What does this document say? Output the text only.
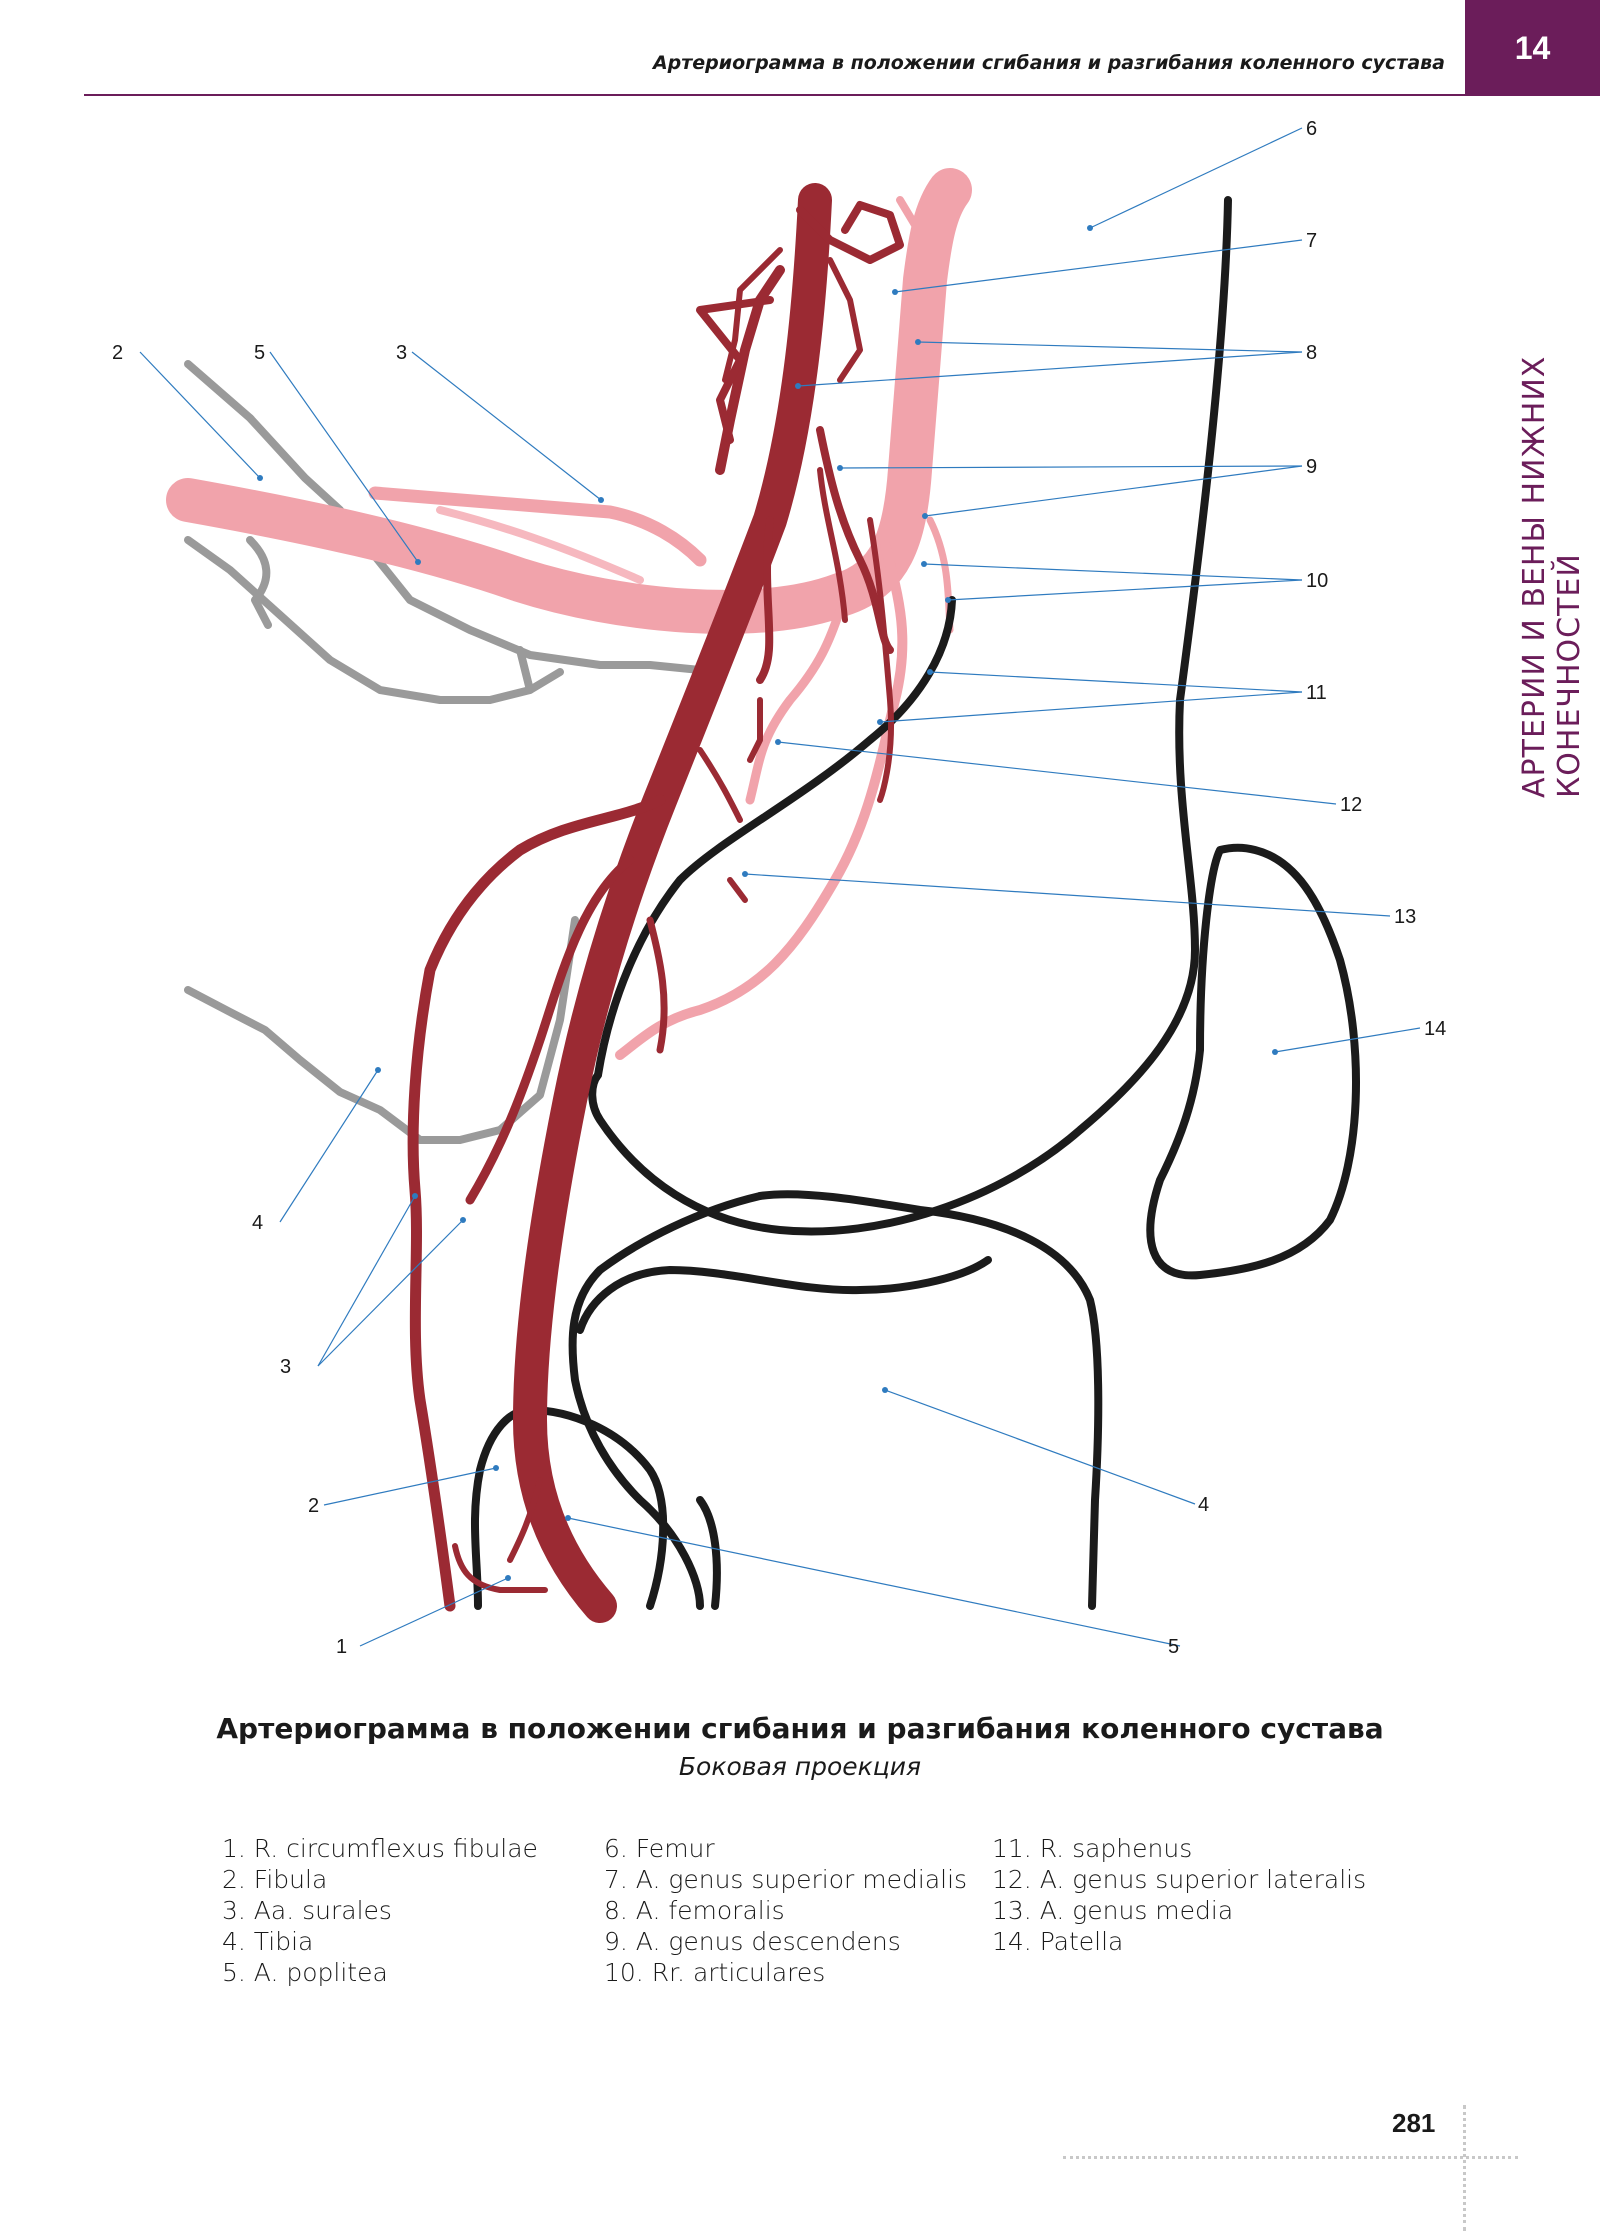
Артериограмма в положении сгибания и разгибания коленного сустава	14
АРТЕРИИ И ВЕНЫ НИЖНИХ КОНЕЧНОСТЕЙ
6
7
8
9
10
11
12
13
14
4
5
2	5	3
4
3
2
1
Артериограмма в положении сгибания и разгибания коленного сустава
Боковая проекция
1. R. circumflexus fibulae
2. Fibula
3. Aa. surales
4. Tibia
5. A. poplitea
6. Femur
7. A. genus superior medialis
8. A. femoralis
9. A. genus descendens
10. Rr. articulares
11. R. saphenus
12. A. genus superior lateralis
13. A. genus media
14. Patella
281
